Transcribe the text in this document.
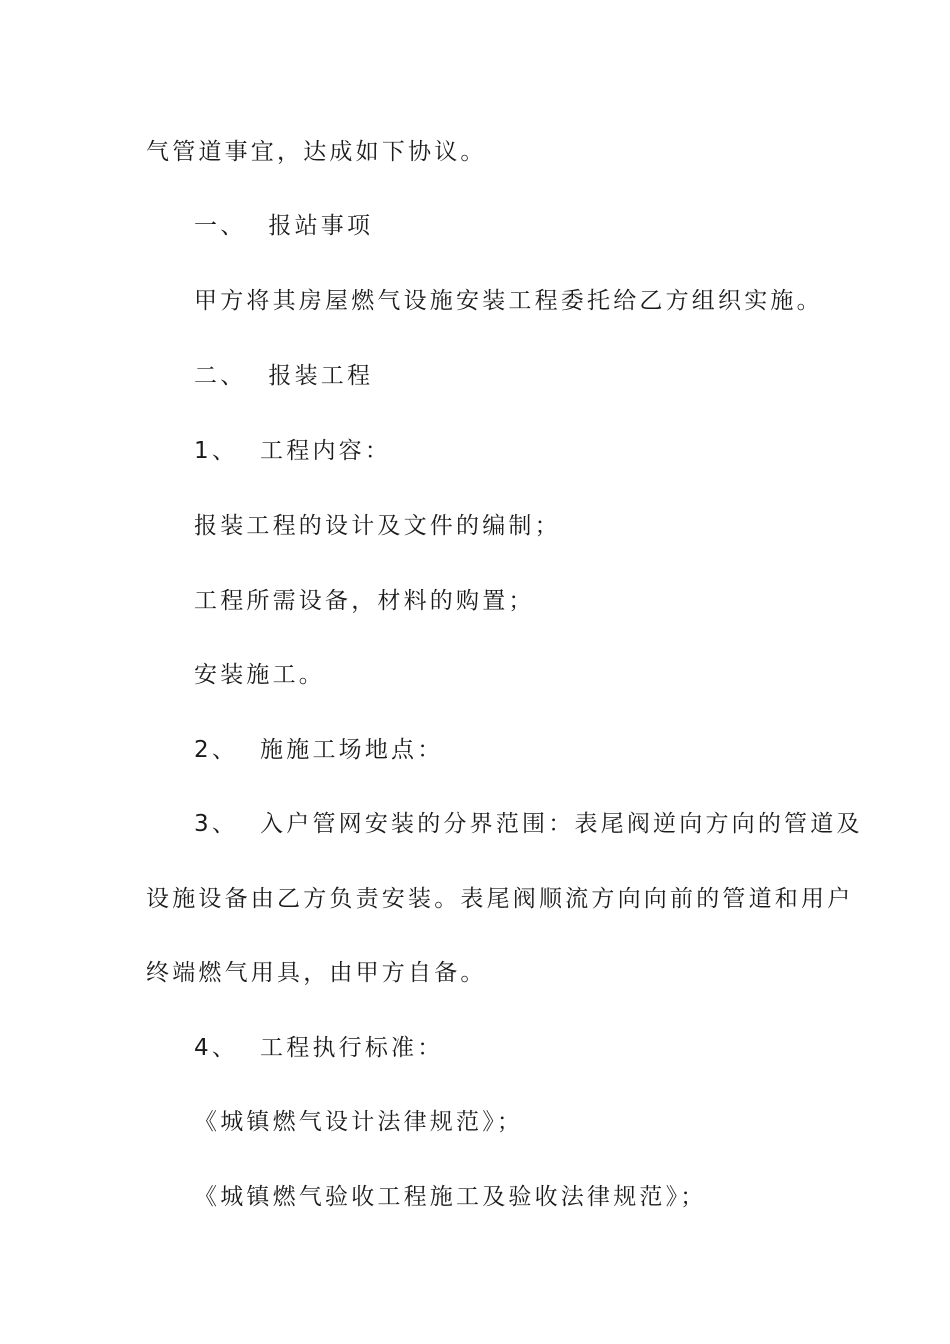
气管道事宜，达成如下协议。
一、 报站事项
甲方将其房屋燃气设施安装工程委托给乙方组织实施。
二、 报装工程
1、 工程内容：
报装工程的设计及文件的编制；
工程所需设备，材料的购置；
安装施工。
2、 施施工场地点：
3、 入户管网安装的分界范围：表尾阀逆向方向的管道及
设施设备由乙方负责安装。表尾阀顺流方向向前的管道和用户
终端燃气用具，由甲方自备。
4、 工程执行标准：
《城镇燃气设计法律规范》；
《城镇燃气验收工程施工及验收法律规范》；
